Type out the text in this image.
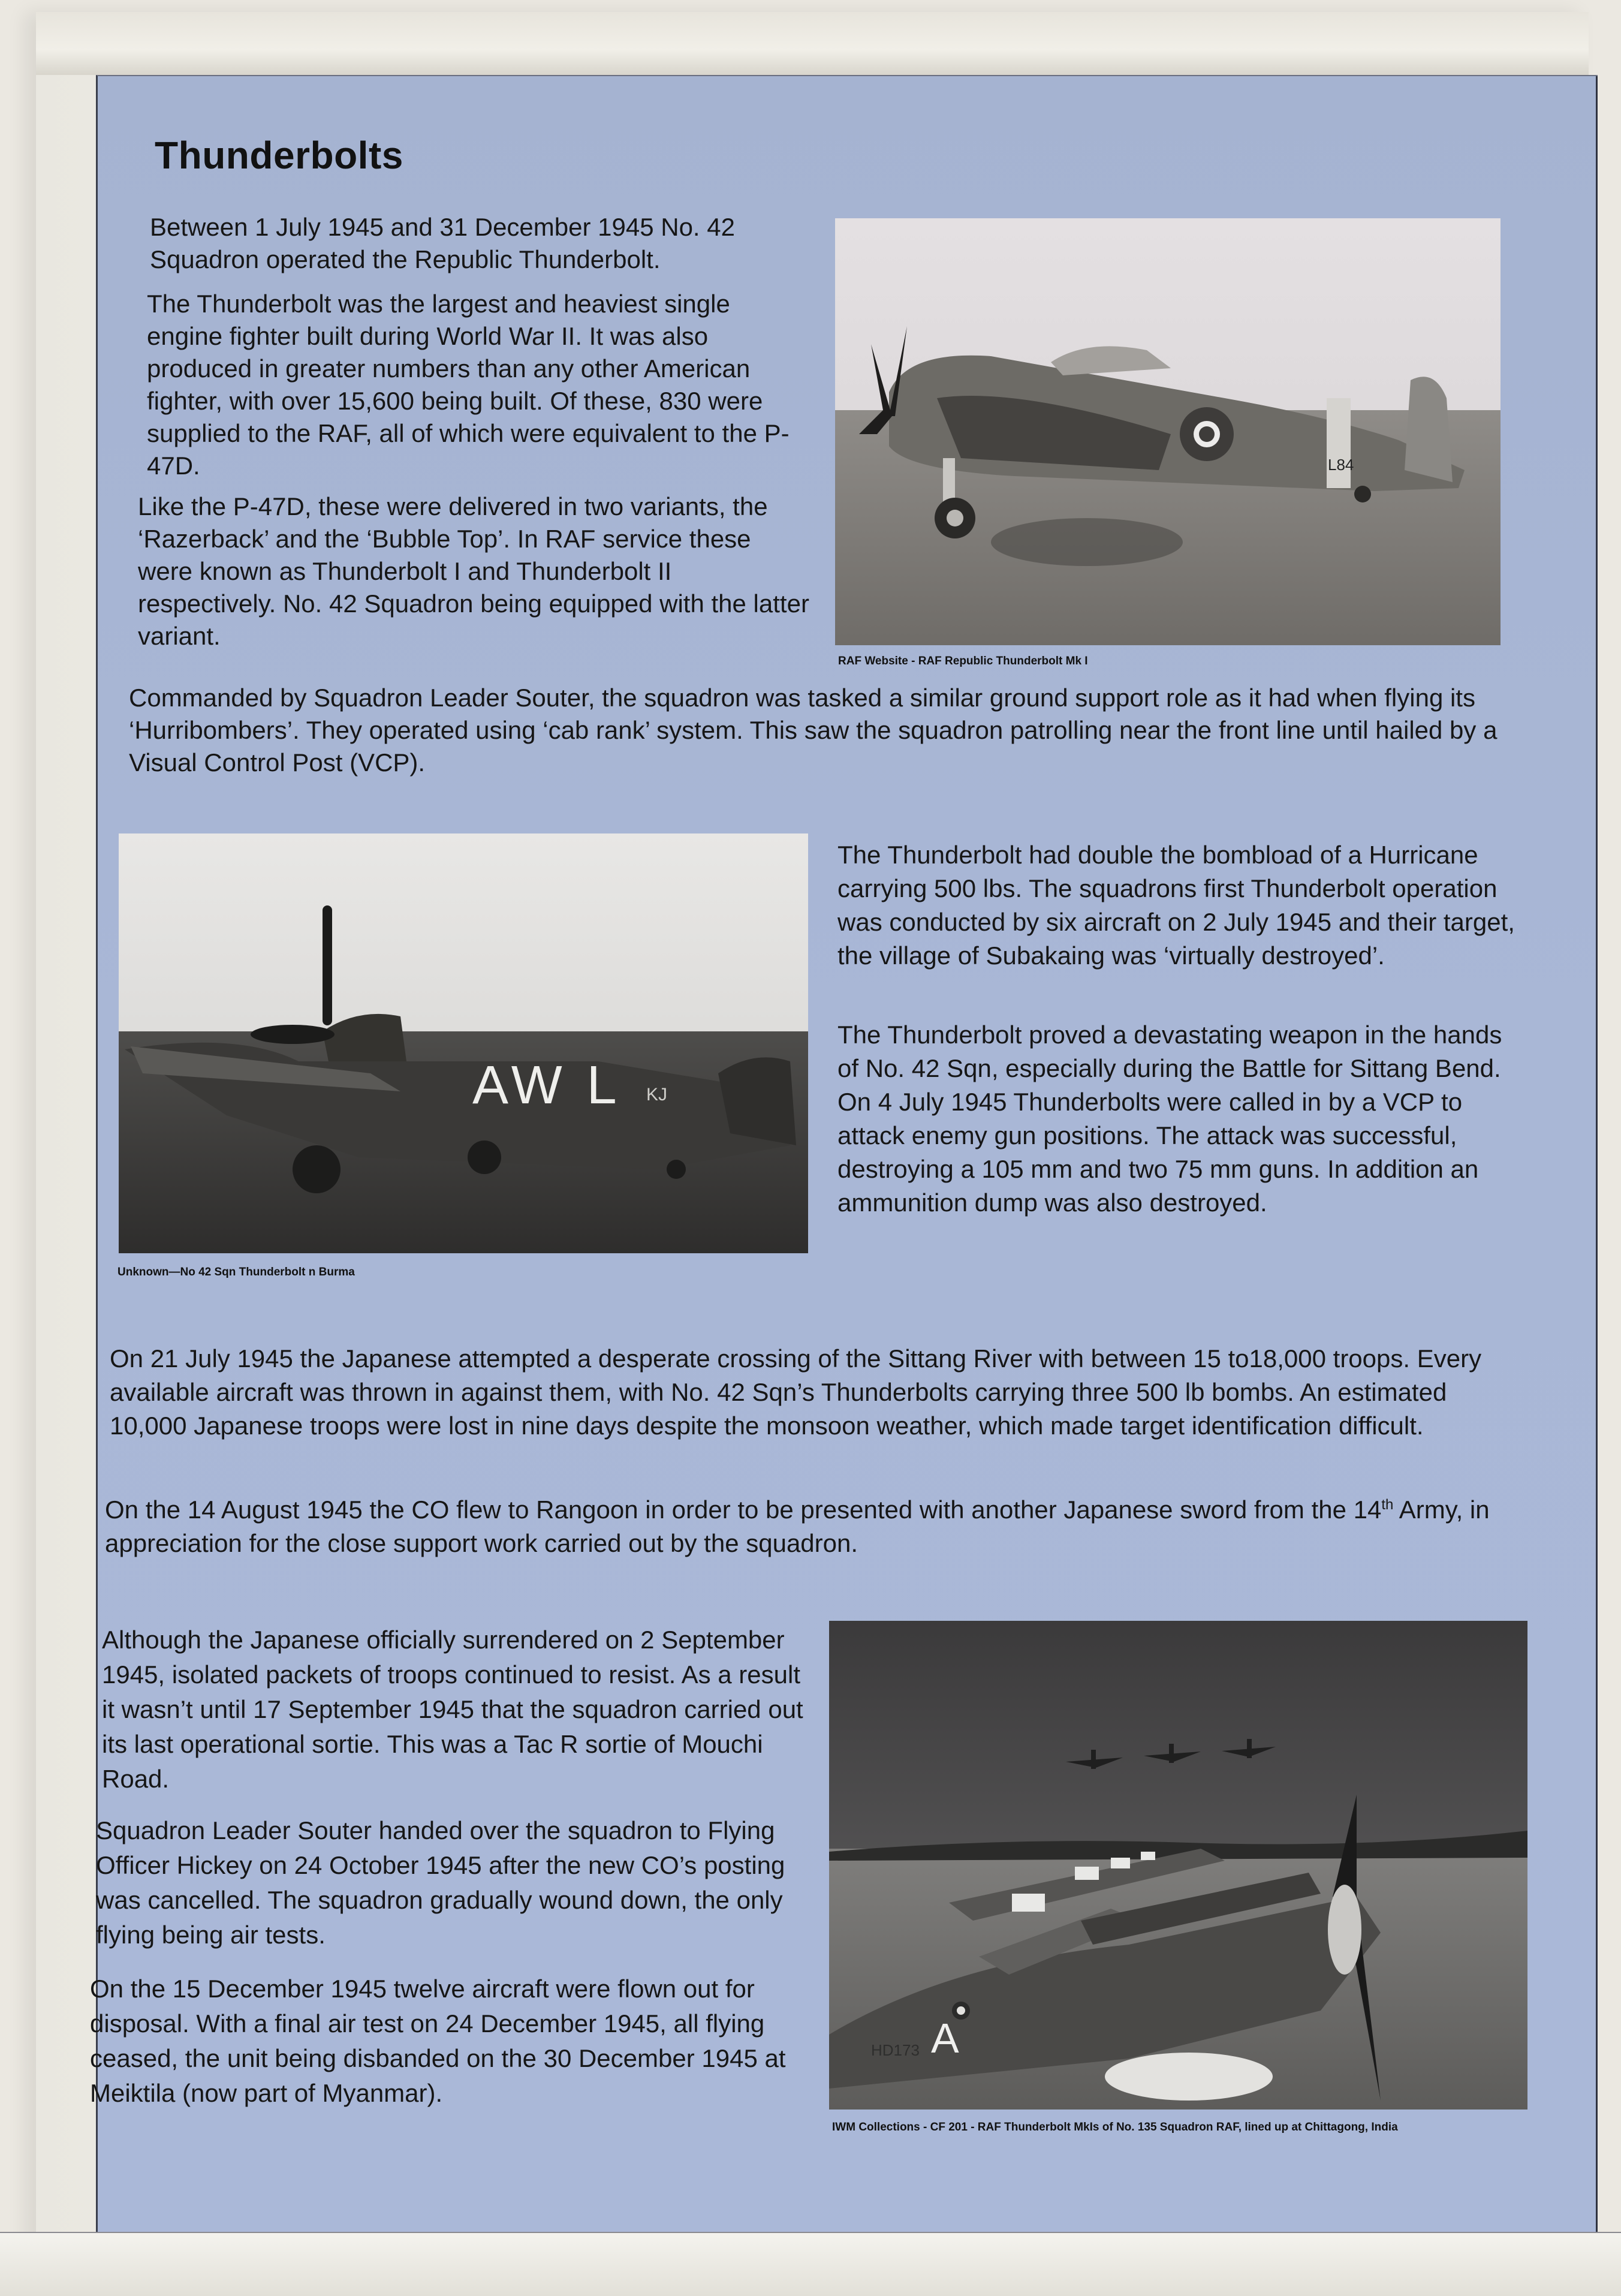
Thunderbolts

Between 1 July 1945 and 31 December 1945 No. 42 Squadron operated the Republic Thunderbolt.

The Thunderbolt was the largest and heaviest single engine fighter built during World War II. It was also produced in greater numbers than any other American fighter, with over 15,600 being built. Of these, 830 were supplied to the RAF, all of which were equivalent to the P-47D.

Like the P-47D, these were delivered in two variants, the ‘Razerback’ and the ‘Bubble Top’. In RAF service these were known as Thunderbolt I and Thunderbolt II respectively. No. 42 Squadron being equipped with the latter variant.

L84
RAF Website - RAF Republic Thunderbolt Mk I

Commanded by Squadron Leader Souter, the squadron was tasked a similar ground support role as it had when flying its ‘Hurribombers’. They operated using ‘cab rank’ system. This saw the squadron patrolling near the front line until hailed by a Visual Control Post (VCP).

AW L KJ
Unknown—No 42 Sqn Thunderbolt n Burma

The Thunderbolt had double the bombload of a Hurricane carrying 500 lbs. The squadrons first Thunderbolt operation was conducted by six aircraft on 2 July 1945 and their target, the village of Subakaing was ‘virtually destroyed’.

The Thunderbolt proved a devastating weapon in the hands of No. 42 Sqn, especially during the Battle for Sittang Bend. On 4 July 1945 Thunderbolts were called in by a VCP to attack enemy gun positions. The attack was successful, destroying a 105 mm and two 75 mm guns. In addition an ammunition dump was also destroyed.

On 21 July 1945 the Japanese attempted a desperate crossing of the Sittang River with between 15 to18,000 troops. Every available aircraft was thrown in against them, with No. 42 Sqn’s Thunderbolts carrying three 500 lb bombs. An estimated 10,000 Japanese troops were lost in nine days despite the monsoon weather, which made target identification difficult.

On the 14 August 1945 the CO flew to Rangoon in order to be presented with another Japanese sword from the 14th Army, in appreciation for the close support work carried out by the squadron.

Although the Japanese officially surrendered on 2 September 1945, isolated packets of troops continued to resist. As a result it wasn’t until 17 September 1945 that the squadron carried out its last operational sortie. This was a Tac R sortie of Mouchi Road.

Squadron Leader Souter handed over the squadron to Flying Officer Hickey on 24 October 1945 after the new CO’s posting was cancelled. The squadron gradually wound down, the only flying being air tests.

On the 15 December 1945 twelve aircraft were flown out for disposal. With a final air test on 24 December 1945, all flying ceased, the unit being disbanded on the 30 December 1945 at Meiktila (now part of Myanmar).

A
HD173
IWM Collections - CF 201 - RAF Thunderbolt MkIs of No. 135 Squadron RAF, lined up at Chittagong, India
